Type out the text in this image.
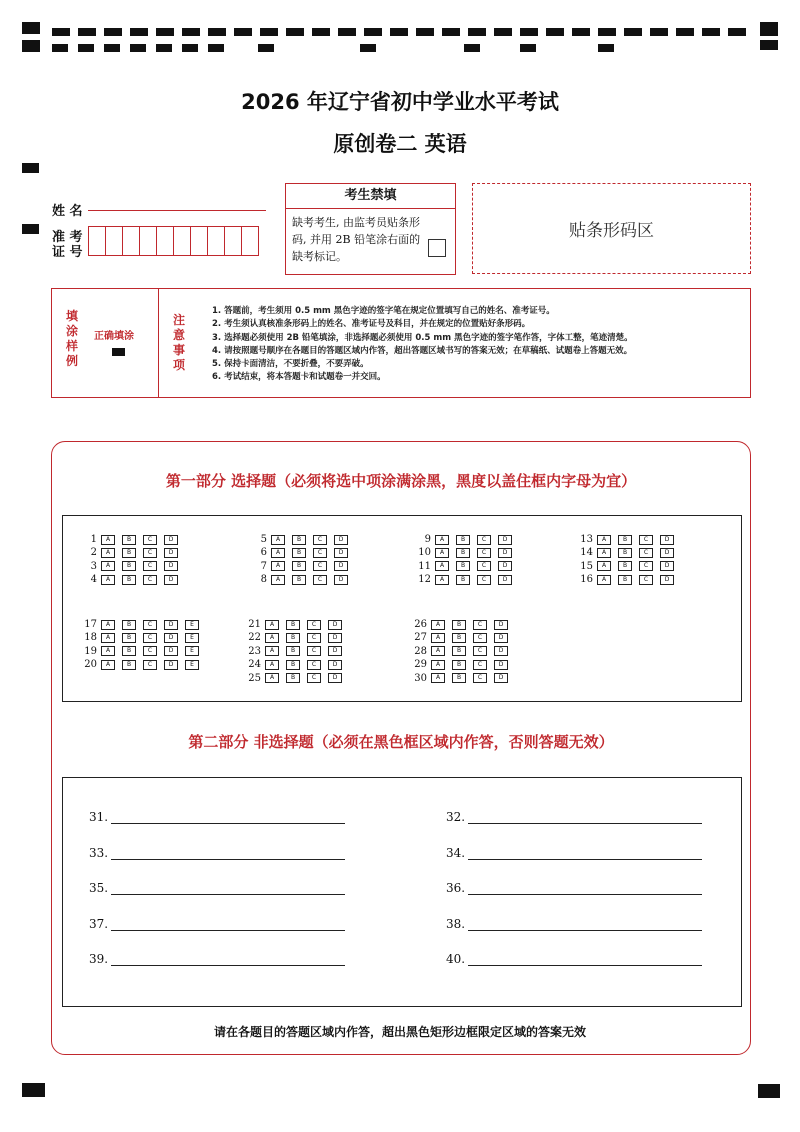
2026 年辽宁省初中学业水平考试
原创卷二 英语
姓 名
准 考
证 号
考生禁填
缺考考生, 由监考员贴条形码, 并用 2B 铅笔涂右面的缺考标记。
贴条形码区
填涂样例
正确填涂
注意事项
1. 答题前，考生须用 0.5 mm 黑色字迹的签字笔在规定位置填写自己的姓名、准考证号。
2. 考生须认真核准条形码上的姓名、准考证号及科目，并在规定的位置贴好条形码。
3. 选择题必须使用 2B 铅笔填涂，非选择题必须使用 0.5 mm 黑色字迹的签字笔作答，字体工整，笔迹清楚。
4. 请按照题号顺序在各题目的答题区域内作答，超出答题区域书写的答案无效；在草稿纸、试题卷上答题无效。
5. 保持卡面清洁，不要折叠，不要弄破。
6. 考试结束，将本答题卡和试题卷一并交回。
第一部分 选择题（必须将选中项涂满涂黑，黑度以盖住框内字母为宜）
第二部分 非选择题（必须在黑色框区域内作答，否则答题无效）
1	A	B	C	D
2	A	B	C	D
3	A	B	C	D
4	A	B	C	D
5	A	B	C	D
6	A	B	C	D
7	A	B	C	D
8	A	B	C	D
9	A	B	C	D
10	A	B	C	D
11	A	B	C	D
12	A	B	C	D
13	A	B	C	D
14	A	B	C	D
15	A	B	C	D
16	A	B	C	D
17	A	B	C	D	E
18	A	B	C	D	E
19	A	B	C	D	E
20	A	B	C	D	E
21	A	B	C	D
22	A	B	C	D
23	A	B	C	D
24	A	B	C	D
25	A	B	C	D
26	A	B	C	D
27	A	B	C	D
28	A	B	C	D
29	A	B	C	D
30	A	B	C	D
31.	32.
33.	34.
35.	36.
37.	38.
39.	40.
请在各题目的答题区域内作答，超出黑色矩形边框限定区域的答案无效
